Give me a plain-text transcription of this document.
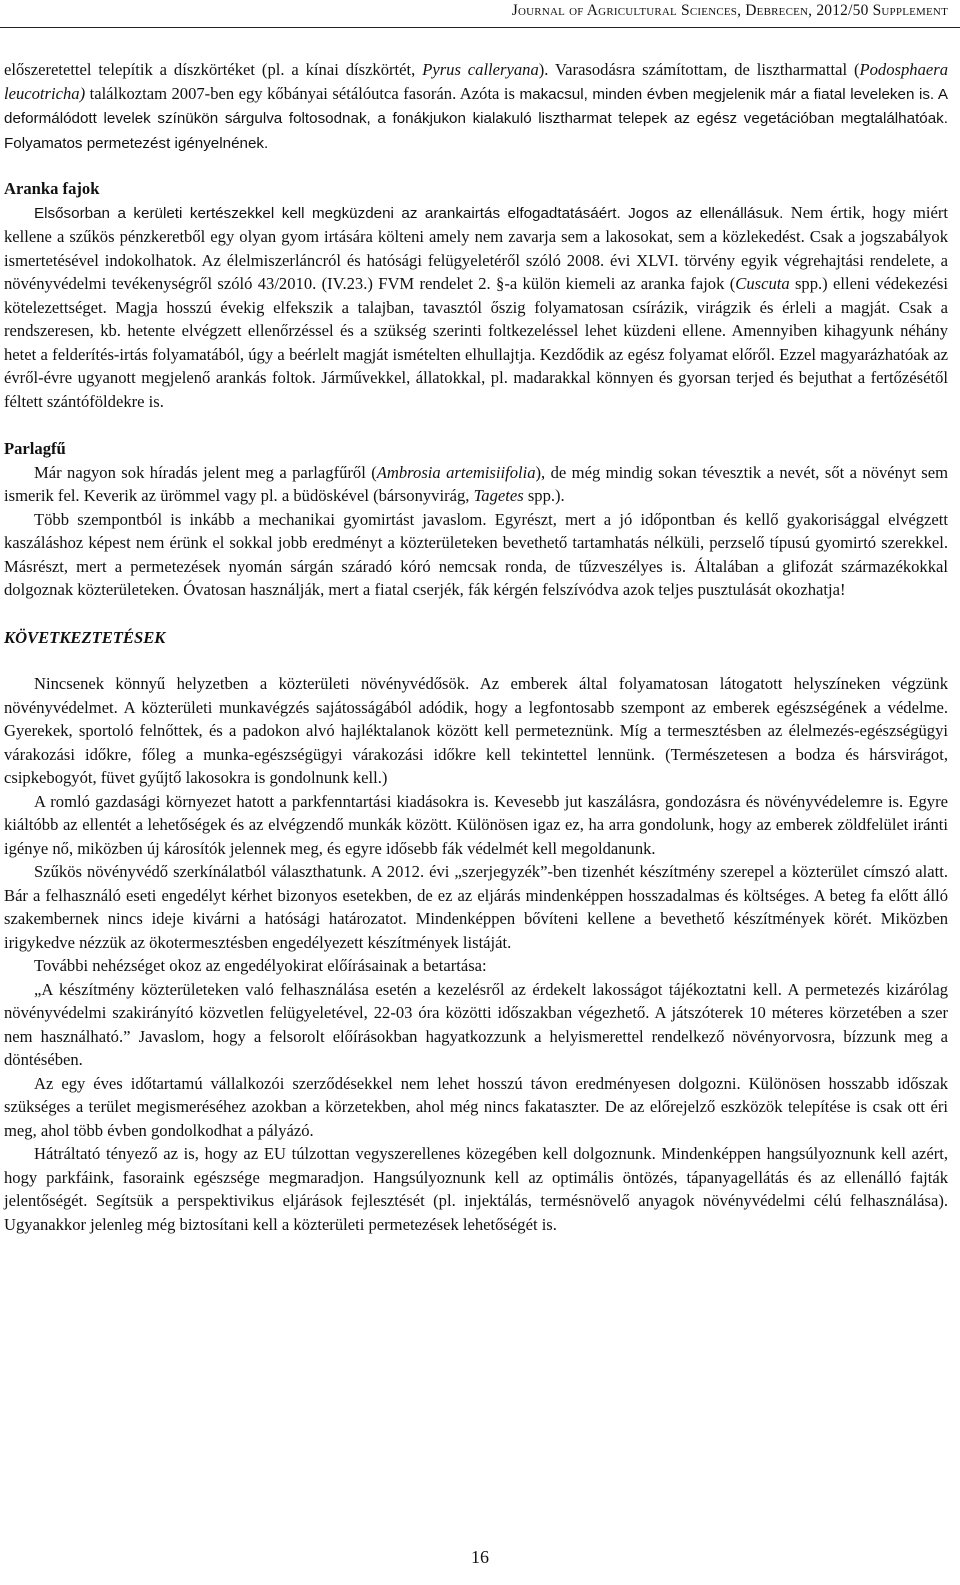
Journal of Agricultural Sciences, Debrecen, 2012/50 Supplement

előszeretettel telepítik a díszkörtéket (pl. a kínai díszkörtét, Pyrus calleryana). Varasodásra számítottam, de lisztharmattal (Podosphaera leucotricha) találkoztam 2007-ben egy kőbányai sétálóutca fasorán. Azóta is makacsul, minden évben megjelenik már a fiatal leveleken is. A deformálódott levelek színükön sárgulva foltosodnak, a fonákjukon kialakuló lisztharmat telepek az egész vegetációban megtalálhatóak. Folyamatos permetezést igényelnének.

Aranka fajok

Elsősorban a kerületi kertészekkel kell megküzdeni az arankairtás elfogadtatásáért. Jogos az ellenállásuk. Nem értik, hogy miért kellene a szűkös pénzkeretből egy olyan gyom irtására költeni amely nem zavarja sem a lakosokat, sem a közlekedést. Csak a jogszabályok ismertetésével indokolhatok. Az élelmiszerláncról és hatósági felügyeletéről szóló 2008. évi XLVI. törvény egyik végrehajtási rendelete, a növényvédelmi tevékenységről szóló 43/2010. (IV.23.) FVM rendelet 2. §-a külön kiemeli az aranka fajok (Cuscuta spp.) elleni védekezési kötelezettséget. Magja hosszú évekig elfekszik a talajban, tavasztól őszig folyamatosan csírázik, virágzik és érleli a magját. Csak a rendszeresen, kb. hetente elvégzett ellenőrzéssel és a szükség szerinti foltkezeléssel lehet küzdeni ellene. Amennyiben kihagyunk néhány hetet a felderítés-irtás folyamatából, úgy a beérlelt magját ismételten elhullajtja. Kezdődik az egész folyamat előről. Ezzel magyarázhatóak az évről-évre ugyanott megjelenő arankás foltok. Járművekkel, állatokkal, pl. madarakkal könnyen és gyorsan terjed és bejuthat a fertőzésétől féltett szántóföldekre is.

Parlagfű

Már nagyon sok híradás jelent meg a parlagfűről (Ambrosia artemisiifolia), de még mindig sokan tévesztik a nevét, sőt a növényt sem ismerik fel. Keverik az ürömmel vagy pl. a büdöskével (bársonyvirág, Tagetes spp.).

Több szempontból is inkább a mechanikai gyomirtást javaslom. Egyrészt, mert a jó időpontban és kellő gyakorisággal elvégzett kaszáláshoz képest nem érünk el sokkal jobb eredményt a közterületeken bevethető tartamhatás nélküli, perzselő típusú gyomirtó szerekkel. Másrészt, mert a permetezések nyomán sárgán száradó kóró nemcsak ronda, de tűzveszélyes is. Általában a glifozát származékokkal dolgoznak közterületeken. Óvatosan használják, mert a fiatal cserjék, fák kérgén felszívódva azok teljes pusztulását okozhatja!

KÖVETKEZTETÉSEK

Nincsenek könnyű helyzetben a közterületi növényvédősök. Az emberek által folyamatosan látogatott helyszíneken végzünk növényvédelmet. A közterületi munkavégzés sajátosságából adódik, hogy a legfontosabb szempont az emberek egészségének a védelme. Gyerekek, sportoló felnőttek, és a padokon alvó hajléktalanok között kell permeteznünk. Míg a termesztésben az élelmezés-egészségügyi várakozási időkre, főleg a munka-egészségügyi várakozási időkre kell tekintettel lennünk. (Természetesen a bodza és hársvirágot, csipkebogyót, füvet gyűjtő lakosokra is gondolnunk kell.)

A romló gazdasági környezet hatott a parkfenntartási kiadásokra is. Kevesebb jut kaszálásra, gondozásra és növényvédelemre is. Egyre kiáltóbb az ellentét a lehetőségek és az elvégzendő munkák között. Különösen igaz ez, ha arra gondolunk, hogy az emberek zöldfelület iránti igénye nő, miközben új károsítók jelennek meg, és egyre idősebb fák védelmét kell megoldanunk.

Szűkös növényvédő szerkínálatból választhatunk. A 2012. évi „szerjegyzék”-ben tizenhét készítmény szerepel a közterület címszó alatt. Bár a felhasználó eseti engedélyt kérhet bizonyos esetekben, de ez az eljárás mindenképpen hosszadalmas és költséges. A beteg fa előtt álló szakembernek nincs ideje kivárni a hatósági határozatot. Mindenképpen bővíteni kellene a bevethető készítmények körét. Miközben irigykedve nézzük az ökotermesztésben engedélyezett készítmények listáját.

További nehézséget okoz az engedélyokirat előírásainak a betartása:

„A készítmény közterületeken való felhasználása esetén a kezelésről az érdekelt lakosságot tájékoztatni kell. A permetezés kizárólag növényvédelmi szakirányító közvetlen felügyeletével, 22-03 óra közötti időszakban végezhető. A játszóterek 10 méteres körzetében a szer nem használható.” Javaslom, hogy a felsorolt előírásokban hagyatkozzunk a helyismerettel rendelkező növényorvosra, bízzunk meg a döntésében.

Az egy éves időtartamú vállalkozói szerződésekkel nem lehet hosszú távon eredményesen dolgozni. Különösen hosszabb időszak szükséges a terület megismeréséhez azokban a körzetekben, ahol még nincs fakataszter. De az előrejelző eszközök telepítése is csak ott éri meg, ahol több évben gondolkodhat a pályázó.

Hátráltató tényező az is, hogy az EU túlzottan vegyszerellenes közegében kell dolgoznunk. Mindenképpen hangsúlyoznunk kell azért, hogy parkfáink, fasoraink egészsége megmaradjon. Hangsúlyoznunk kell az optimális öntözés, tápanyagellátás és az ellenálló fajták jelentőségét. Segítsük a perspektivikus eljárások fejlesztését (pl. injektálás, termésnövelő anyagok növényvédelmi célú felhasználása). Ugyanakkor jelenleg még biztosítani kell a közterületi permetezések lehetőségét is.

16
